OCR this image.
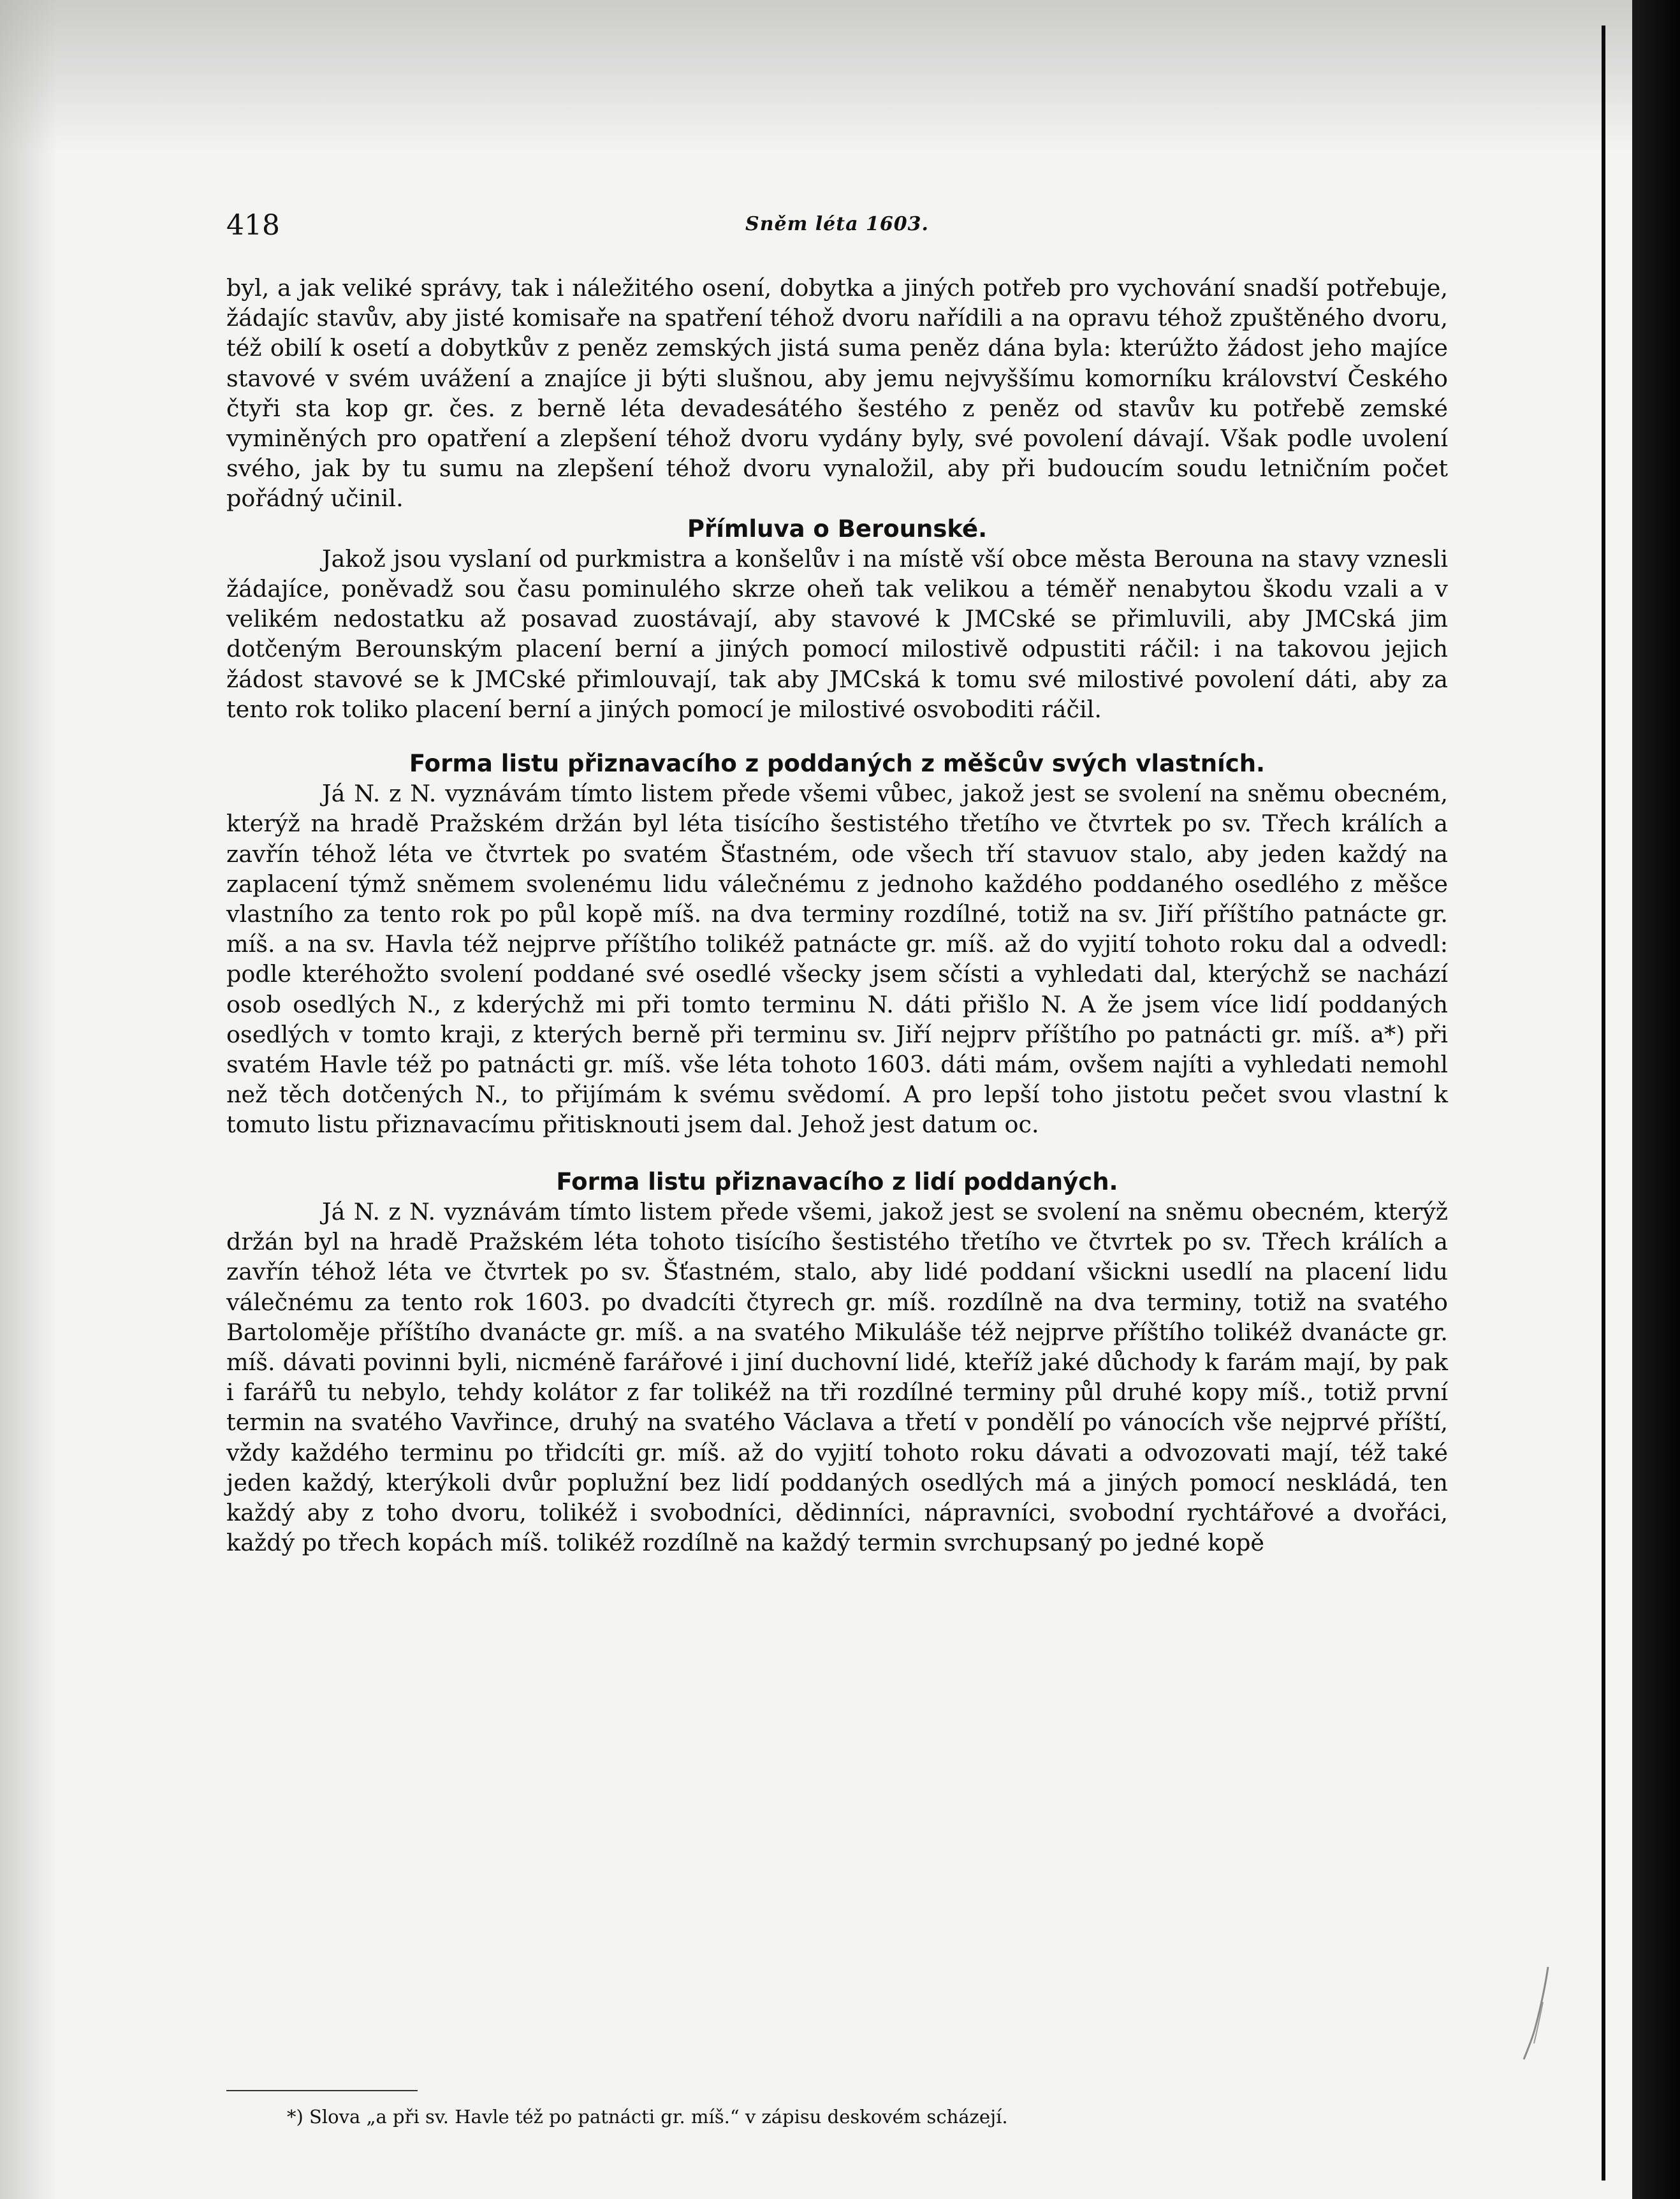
418	Sněm léta 1603.

byl, a jak veliké správy, tak i náležitého osení, dobytka a jiných potřeb pro vychování snadší potřebuje, žádajíc stavův, aby jisté komisaře na spatření téhož dvoru nařídili a na opravu téhož zpuštěného dvoru, též obilí k osetí a dobytkův z peněz zemských jistá suma peněz dána byla: kterúžto žádost jeho majíce stavové v svém uvážení a znajíce ji býti slušnou, aby jemu nejvyššímu komorníku království Českého čtyři sta kop gr. čes. z berně léta devadesátého šestého z peněz od stavův ku potřebě zemské vyminěných pro opatření a zlepšení téhož dvoru vydány byly, své povolení dávají. Však podle uvolení svého, jak by tu sumu na zlepšení téhož dvoru vynaložil, aby při budoucím soudu letničním počet pořádný učinil.

Přímluva o Berounské.

Jakož jsou vyslaní od purkmistra a konšelův i na místě vší obce města Berouna na stavy vznesli žádajíce, poněvadž sou času pominulého skrze oheň tak velikou a téměř nenabytou škodu vzali a v velikém nedostatku až posavad zuostávají, aby stavové k JMCské se přimluvili, aby JMCská jim dotčeným Berounským placení berní a jiných pomocí milostivě odpustiti ráčil: i na takovou jejich žádost stavové se k JMCské přimlouvají, tak aby JMCská k tomu své milostivé povolení dáti, aby za tento rok toliko placení berní a jiných pomocí je milostivé osvoboditi ráčil.

Forma listu přiznavacího z poddaných z měšcův svých vlastních.

Já N. z N. vyznávám tímto listem přede všemi vůbec, jakož jest se svolení na sněmu obecném, kterýž na hradě Pražském držán byl léta tisícího šestistého třetího ve čtvrtek po sv. Třech králích a zavřín téhož léta ve čtvrtek po svatém Šťastném, ode všech tří stavuov stalo, aby jeden každý na zaplacení týmž sněmem svolenému lidu válečnému z jednoho každého poddaného osedlého z měšce vlastního za tento rok po půl kopě míš. na dva terminy rozdílné, totiž na sv. Jiří příštího patnácte gr. míš. a na sv. Havla též nejprve příštího tolikéž patnácte gr. míš. až do vyjití tohoto roku dal a odvedl: podle kteréhožto svolení poddané své osedlé všecky jsem sčísti a vyhledati dal, kterýchž se nachází osob osedlých N., z kderýchž mi při tomto terminu N. dáti přišlo N. A že jsem více lidí poddaných osedlých v tomto kraji, z kterých berně při terminu sv. Jiří nejprv příštího po patnácti gr. míš. a*) při svatém Havle též po patnácti gr. míš. vše léta tohoto 1603. dáti mám, ovšem najíti a vyhledati nemohl než těch dotčených N., to přijímám k svému svědomí. A pro lepší toho jistotu pečet svou vlastní k tomuto listu přiznavacímu přitisknouti jsem dal. Jehož jest datum oc.

Forma listu přiznavacího z lidí poddaných.

Já N. z N. vyznávám tímto listem přede všemi, jakož jest se svolení na sněmu obecném, kterýž držán byl na hradě Pražském léta tohoto tisícího šestistého třetího ve čtvrtek po sv. Třech králích a zavřín téhož léta ve čtvrtek po sv. Šťastném, stalo, aby lidé poddaní všickni usedlí na placení lidu válečnému za tento rok 1603. po dvadcíti čtyrech gr. míš. rozdílně na dva terminy, totiž na svatého Bartoloměje příštího dvanácte gr. míš. a na svatého Mikuláše též nejprve příštího tolikéž dvanácte gr. míš. dávati povinni byli, nicméně farářové i jiní duchovní lidé, kteříž jaké důchody k farám mají, by pak i farářů tu nebylo, tehdy kolátor z far tolikéž na tři rozdílné terminy půl druhé kopy míš., totiž první termin na svatého Vavřince, druhý na svatého Václava a třetí v pondělí po vánocích vše nejprvé příští, vždy každého terminu po třidcíti gr. míš. až do vyjití tohoto roku dávati a odvozovati mají, též také jeden každý, kterýkoli dvůr poplužní bez lidí poddaných osedlých má a jiných pomocí neskládá, ten každý aby z toho dvoru, tolikéž i svobodníci, dědinníci, nápravníci, svobodní rychtářové a dvořáci, každý po třech kopách míš. tolikéž rozdílně na každý termin svrchupsaný po jedné kopě

*) Slova „a při sv. Havle též po patnácti gr. míš.“ v zápisu deskovém scházejí.
